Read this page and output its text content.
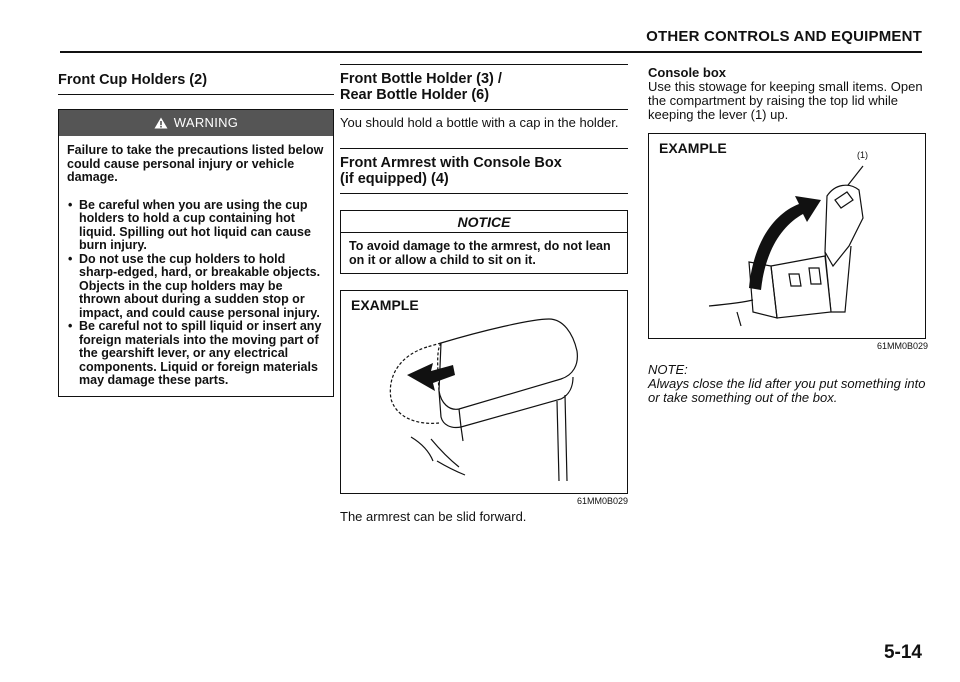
OTHER CONTROLS AND EQUIPMENT
Front Cup Holders (2)
WARNING

Failure to take the precautions listed below could cause personal injury or vehicle damage.

• Be careful when you are using the cup holders to hold a cup containing hot liquid. Spilling out hot liquid can cause burn injury.
• Do not use the cup holders to hold sharp-edged, hard, or breakable objects. Objects in the cup holders may be thrown about during a sudden stop or impact, and could cause personal injury.
• Be careful not to spill liquid or insert any foreign materials into the moving part of the gearshift lever, or any electrical components. Liquid or foreign materials may damage these parts.
Front Bottle Holder (3) /
Rear Bottle Holder (6)
You should hold a bottle with a cap in the holder.
Front Armrest with Console Box
(if equipped) (4)
NOTICE
To avoid damage to the armrest, do not lean on it or allow a child to sit on it.
EXAMPLE
61MM0B029
The armrest can be slid forward.
Console box
Use this stowage for keeping small items. Open the compartment by raising the top lid while keeping the lever (1) up.
EXAMPLE	(1)
61MM0B029
NOTE:
Always close the lid after you put something into or take something out of the box.
5-14
